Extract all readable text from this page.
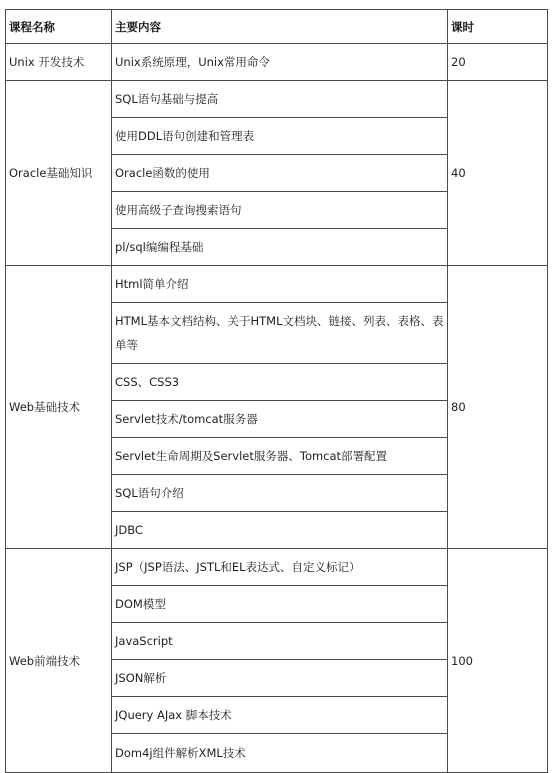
课程名称	主要内容	课时
Unix 开发技术	Unix系统原理，Unix常用命令	20
Oracle基础知识	SQL语句基础与提高	40
	使用DDL语句创建和管理表	
	Oracle函数的使用	
	使用高级子查询搜索语句	
	pl/sql编编程基础	
Web基础技术	Html简单介绍	80
	HTML基本文档结构、关于HTML文档块、链接、列表、表格、表单等	
	CSS、CSS3	
	Servlet技术/tomcat服务器	
	Servlet生命周期及Servlet服务器、Tomcat部署配置	
	SQL语句介绍	
	JDBC	
Web前端技术	JSP（JSP语法、JSTL和EL表达式、自定义标记）	100
	DOM模型	
	JavaScript	
	JSON解析	
	JQuery AJax 脚本技术	
	Dom4j组件解析XML技术	
